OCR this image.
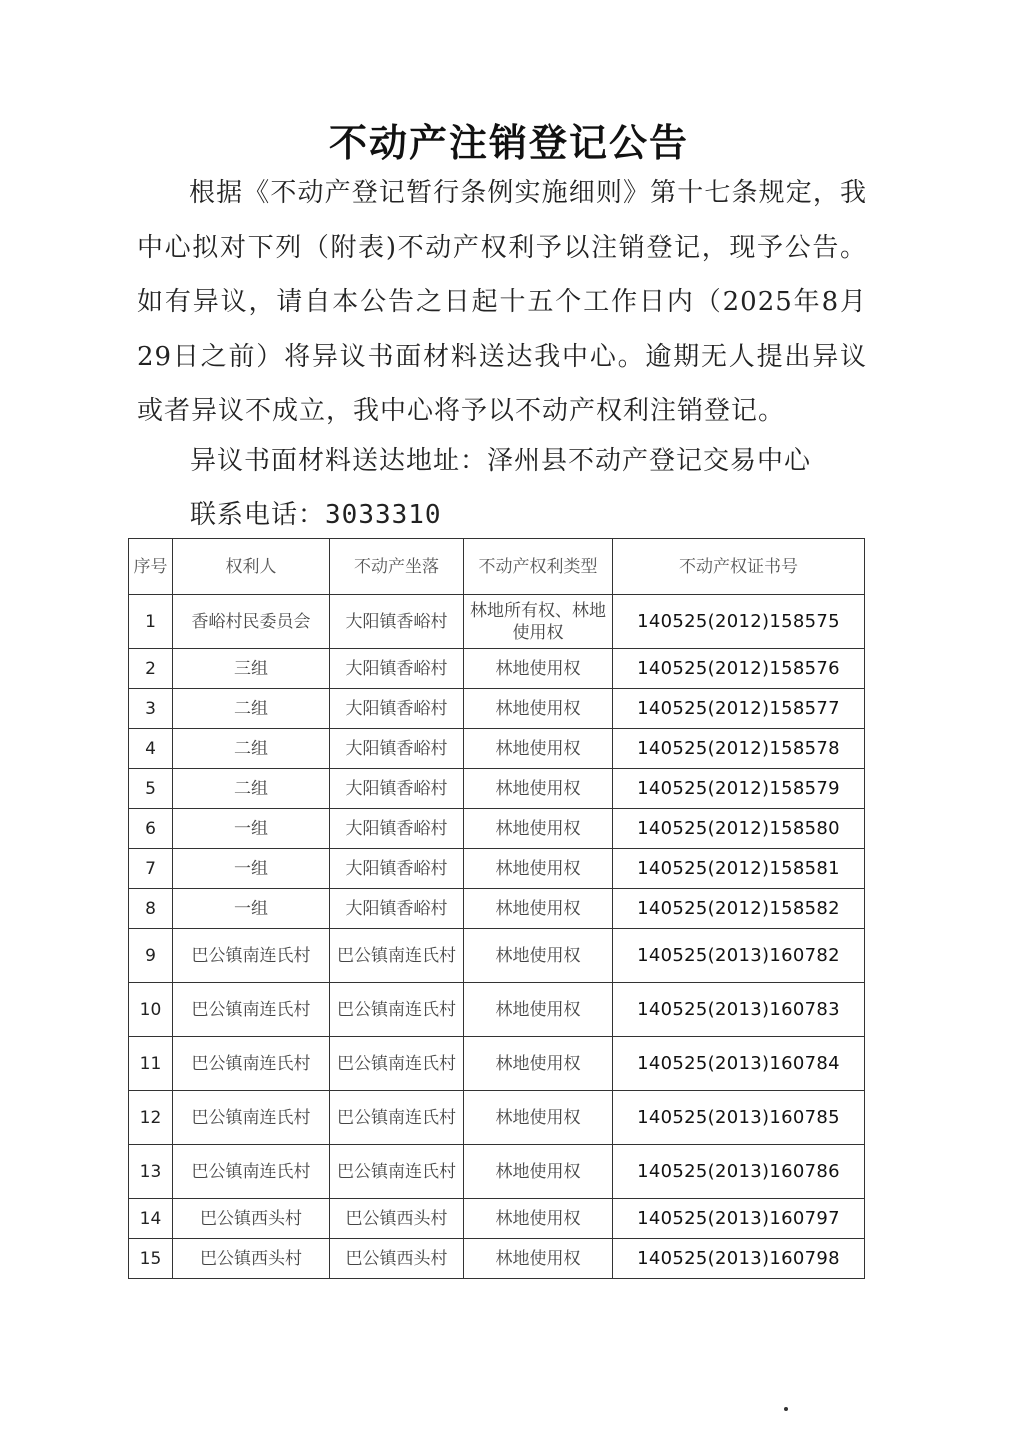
不动产注销登记公告

根据《不动产登记暂行条例实施细则》第十七条规定，我中心拟对下列（附表)不动产权利予以注销登记，现予公告。如有异议，请自本公告之日起十五个工作日内（2025年8月29日之前）将异议书面材料送达我中心。逾期无人提出异议或者异议不成立，我中心将予以不动产权利注销登记。

异议书面材料送达地址：泽州县不动产登记交易中心
联系电话：3033310
序号	权利人	不动产坐落	不动产权利类型	不动产权证书号
1	香峪村民委员会	大阳镇香峪村	林地所有权、林地使用权	140525(2012)158575
2	三组	大阳镇香峪村	林地使用权	140525(2012)158576
3	二组	大阳镇香峪村	林地使用权	140525(2012)158577
4	二组	大阳镇香峪村	林地使用权	140525(2012)158578
5	二组	大阳镇香峪村	林地使用权	140525(2012)158579
6	一组	大阳镇香峪村	林地使用权	140525(2012)158580
7	一组	大阳镇香峪村	林地使用权	140525(2012)158581
8	一组	大阳镇香峪村	林地使用权	140525(2012)158582
9	巴公镇南连氏村	巴公镇南连氏村	林地使用权	140525(2013)160782
10	巴公镇南连氏村	巴公镇南连氏村	林地使用权	140525(2013)160783
11	巴公镇南连氏村	巴公镇南连氏村	林地使用权	140525(2013)160784
12	巴公镇南连氏村	巴公镇南连氏村	林地使用权	140525(2013)160785
13	巴公镇南连氏村	巴公镇南连氏村	林地使用权	140525(2013)160786
14	巴公镇西头村	巴公镇西头村	林地使用权	140525(2013)160797
15	巴公镇西头村	巴公镇西头村	林地使用权	140525(2013)160798
